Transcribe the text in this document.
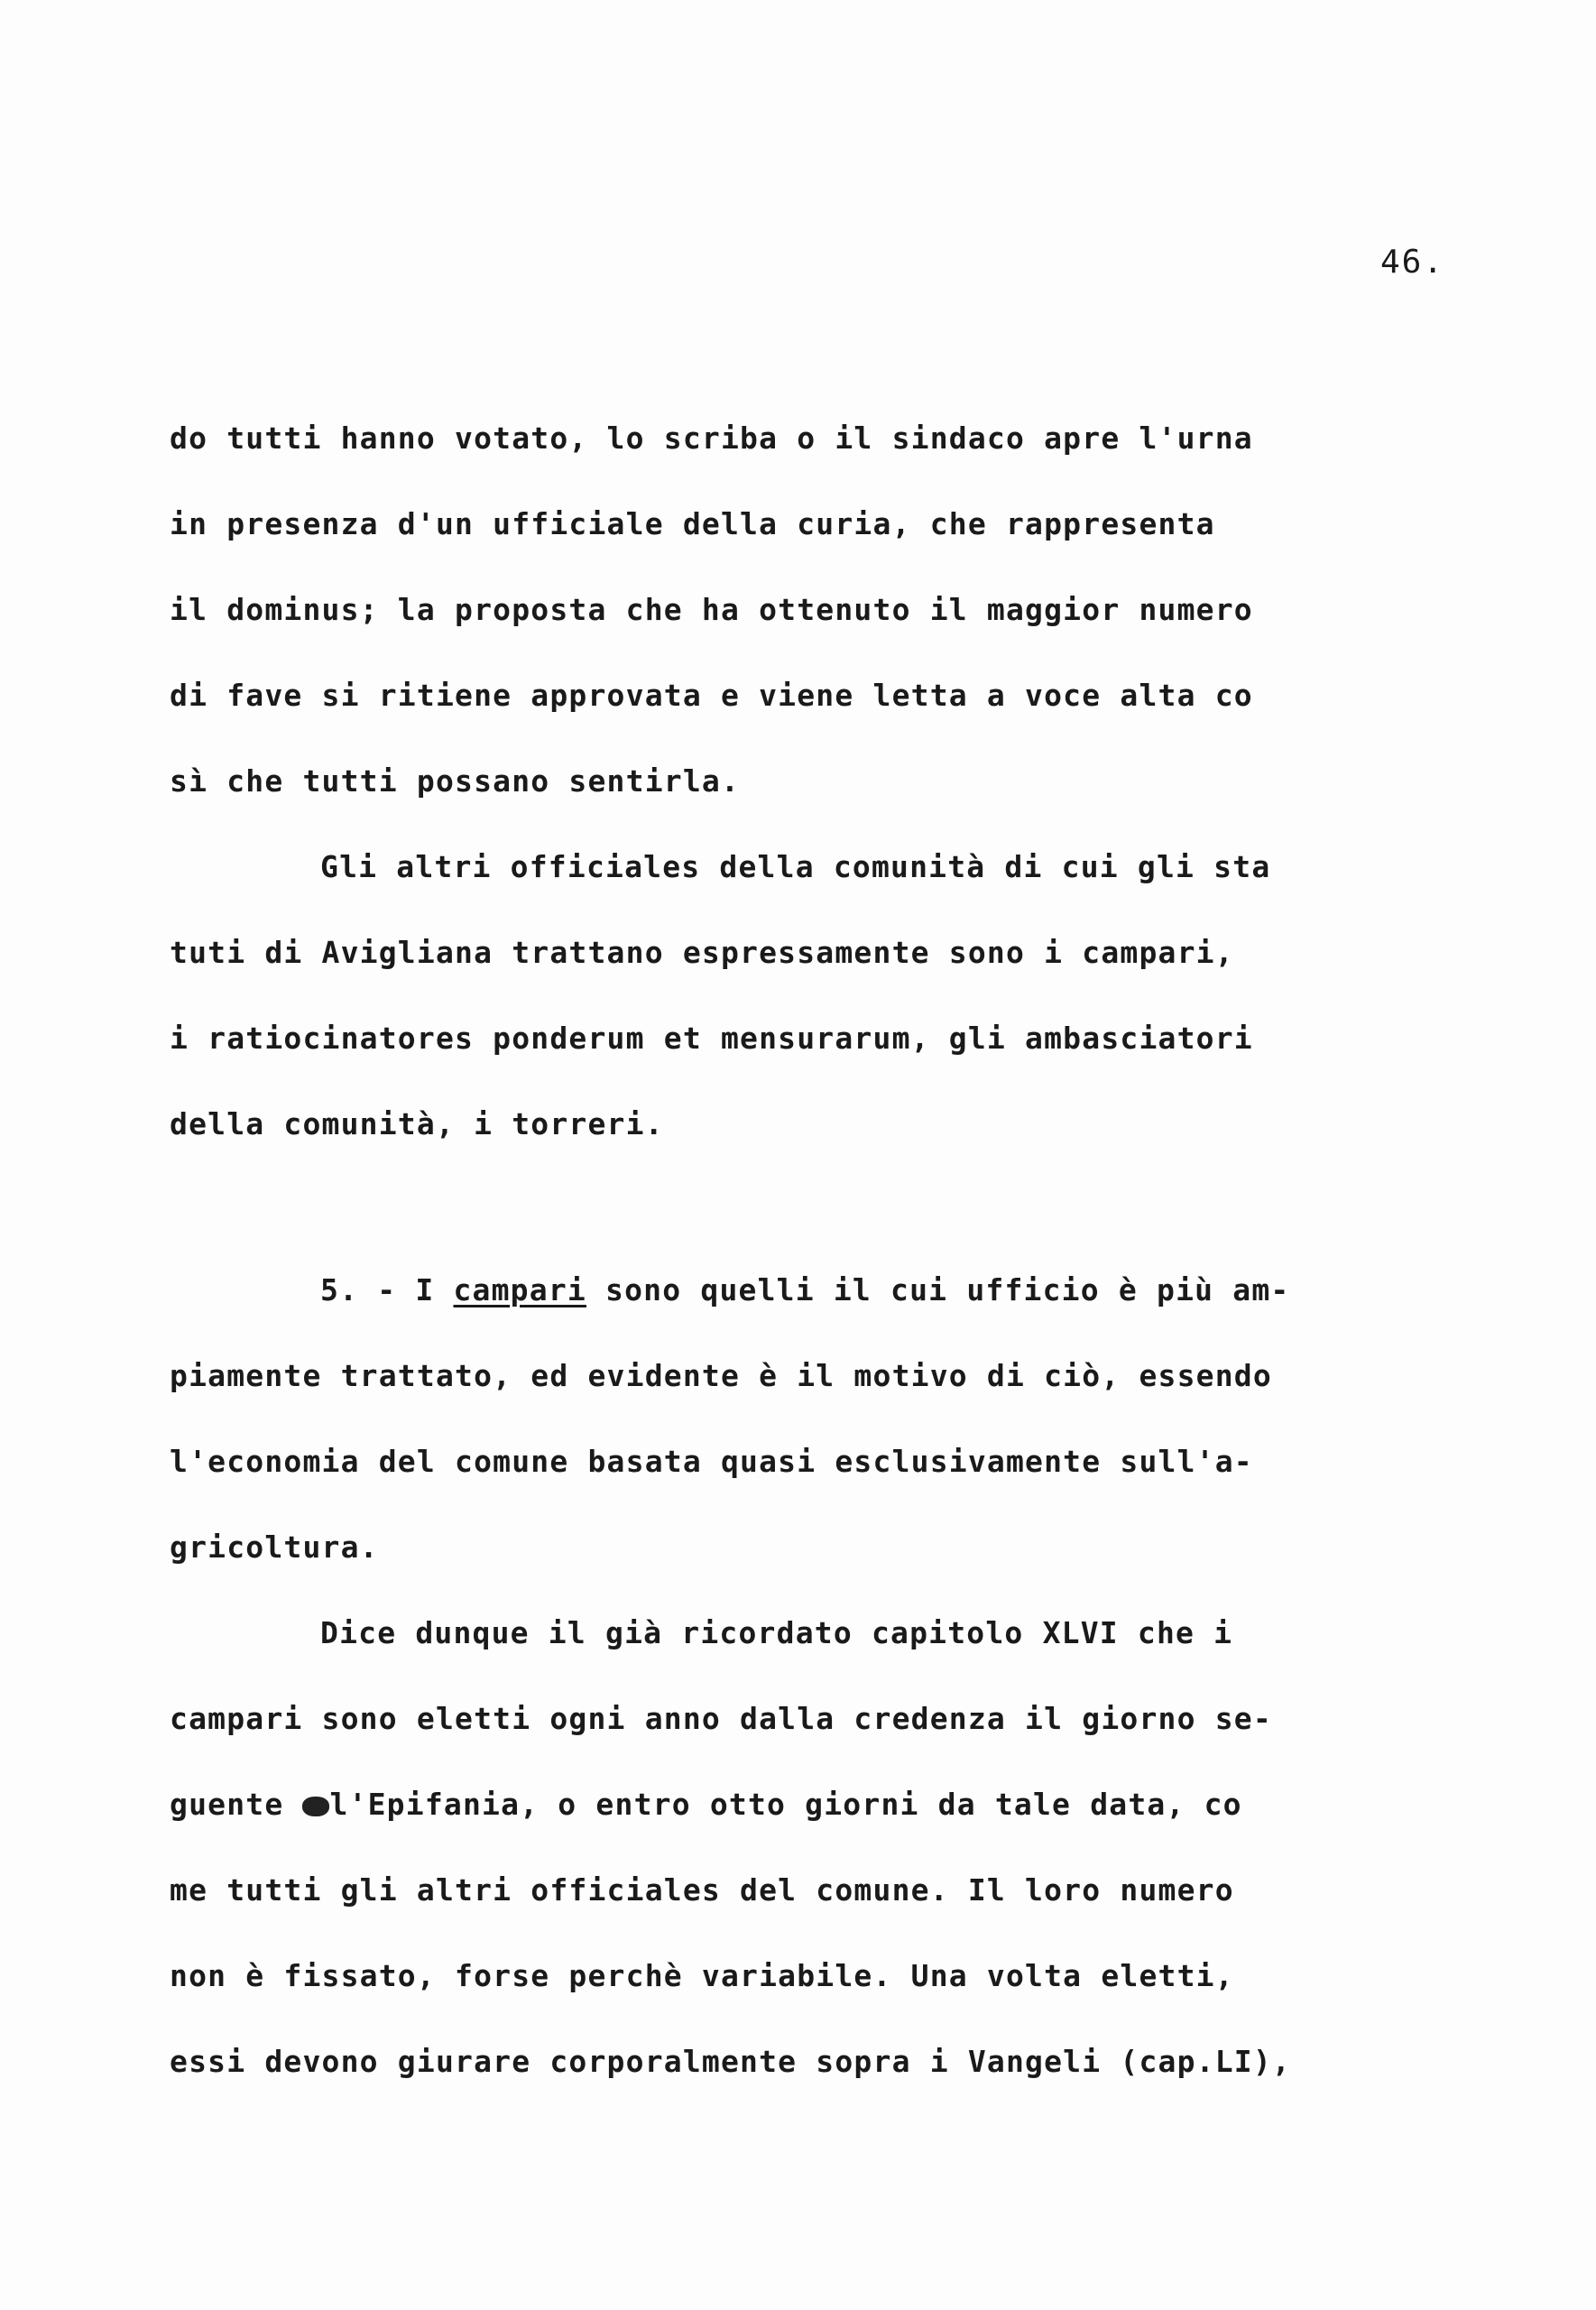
46.
do tutti hanno votato, lo scriba o il sindaco apre l'urna
in presenza d'un ufficiale della curia, che rappresenta
il dominus; la proposta che ha ottenuto il maggior numero
di fave si ritiene approvata e viene letta a voce alta co
sì che tutti possano sentirla.
Gli altri officiales della comunità di cui gli sta
tuti di Avigliana trattano espressamente sono i campari,
i ratiocinatores ponderum et mensurarum, gli ambasciatori
della comunità, i torreri.
5. - I campari sono quelli il cui ufficio è più am-
piamente trattato, ed evidente è il motivo di ciò, essendo
l'economia del comune basata quasi esclusivamente sull'a-
gricoltura.
Dice dunque il già ricordato capitolo XLVI che i
campari sono eletti ogni anno dalla credenza il giorno se-
guente l'Epifania, o entro otto giorni da tale data, co
me tutti gli altri officiales del comune. Il loro numero
non è fissato, forse perchè variabile. Una volta eletti,
essi devono giurare corporalmente sopra i Vangeli (cap.LI),
